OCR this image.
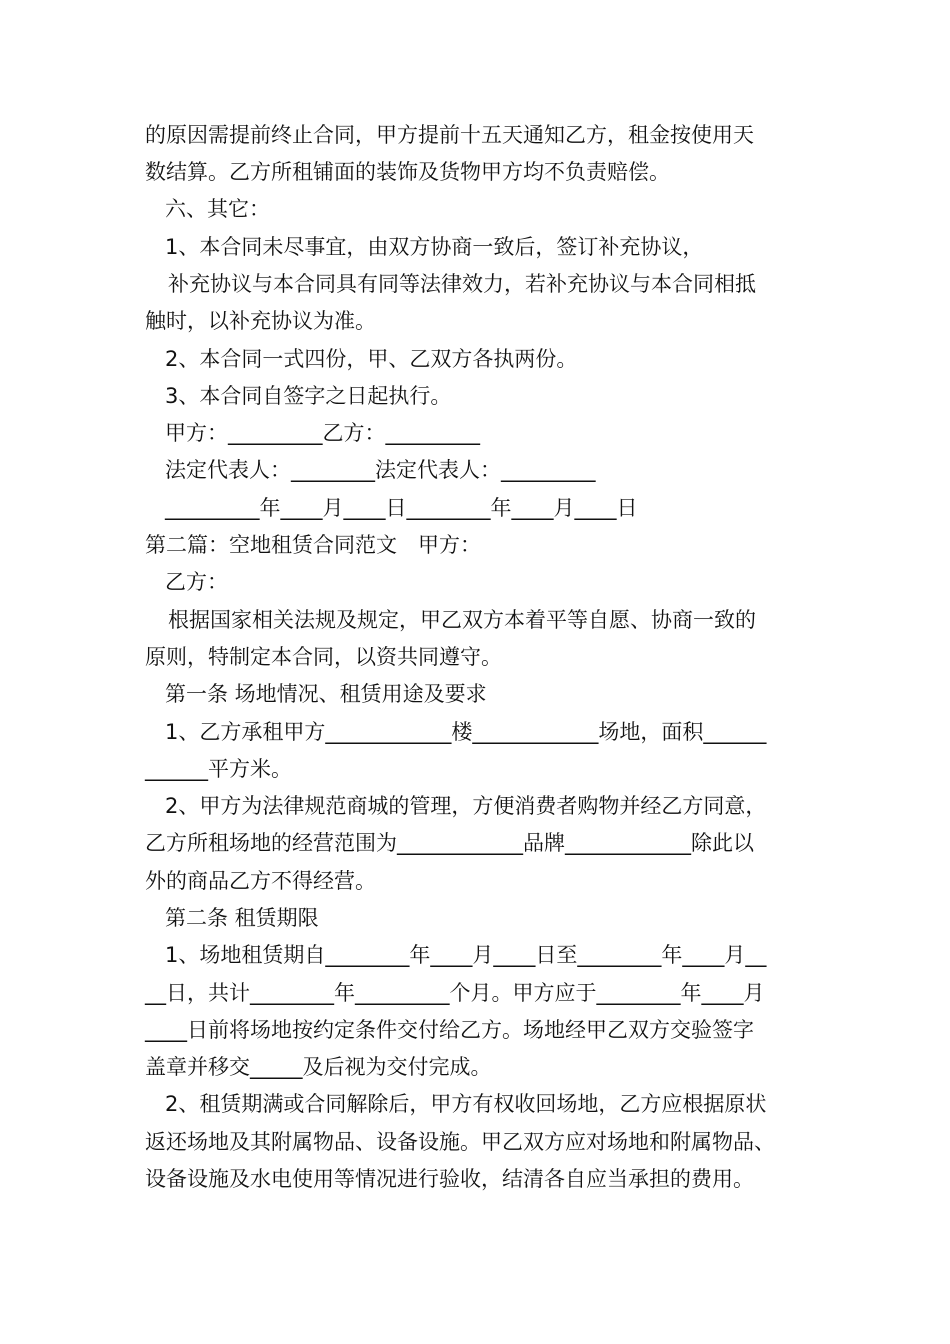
的原因需提前终止合同，甲方提前十五天通知乙方，租金按使用天
数结算。乙方所租铺面的装饰及货物甲方均不负责赔偿。
六、其它：
1、本合同未尽事宜，由双方协商一致后，签订补充协议，
补充协议与本合同具有同等法律效力，若补充协议与本合同相抵
触时，以补充协议为准。
2、本合同一式四份，甲、乙双方各执两份。
3、本合同自签字之日起执行。
甲方：_________乙方：_________
法定代表人：________法定代表人：_________
_________年____月____日________年____月____日
第二篇：空地租赁合同范文　甲方：
乙方：
根据国家相关法规及规定，甲乙双方本着平等自愿、协商一致的
原则，特制定本合同，以资共同遵守。
第一条 场地情况、租赁用途及要求
1、乙方承租甲方____________楼____________场地，面积______
______平方米。
2、甲方为法律规范商城的管理，方便消费者购物并经乙方同意，
乙方所租场地的经营范围为____________品牌____________除此以
外的商品乙方不得经营。
第二条 租赁期限
1、场地租赁期自________年____月____日至________年____月__
__日，共计________年_________个月。甲方应于________年____月
____日前将场地按约定条件交付给乙方。场地经甲乙双方交验签字
盖章并移交_____及后视为交付完成。
2、租赁期满或合同解除后，甲方有权收回场地，乙方应根据原状
返还场地及其附属物品、设备设施。甲乙双方应对场地和附属物品、
设备设施及水电使用等情况进行验收，结清各自应当承担的费用。
